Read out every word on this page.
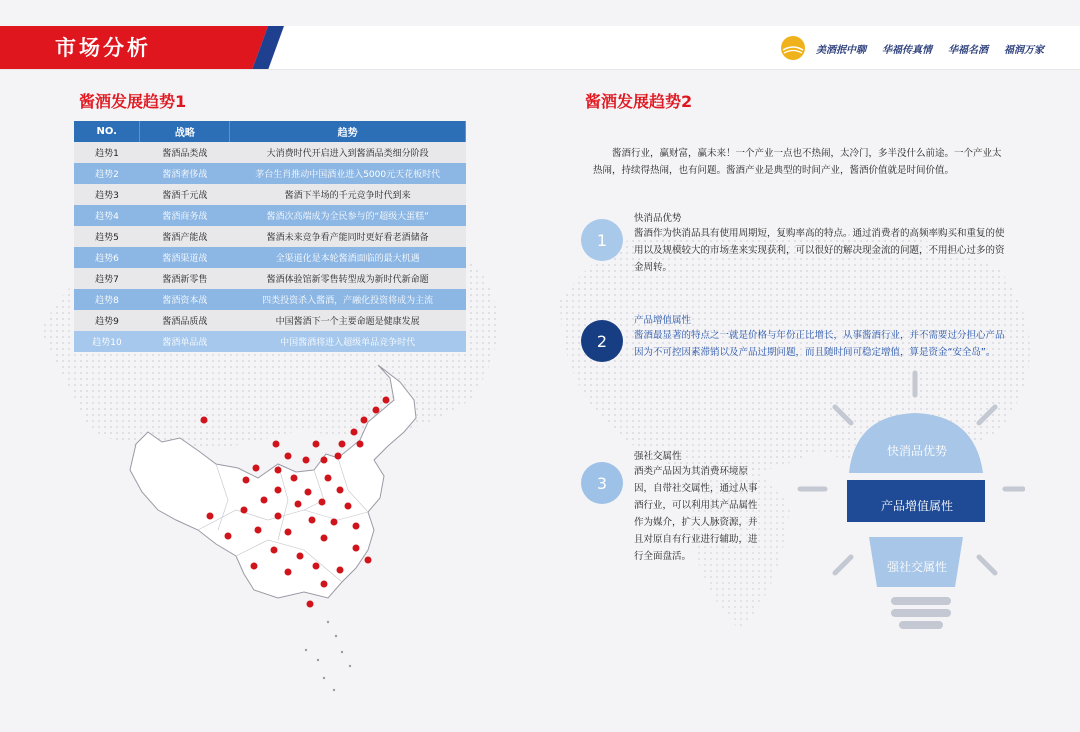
市场分析	美酒抿中聊 华福传真情 华福名酒 福润万家
酱酒发展趋势1
NO.	战略	趋势
趋势1	酱酒品类战	大消费时代开启进入到酱酒品类细分阶段
趋势2	酱酒奢侈战	茅台生肖推动中国酒业进入5000元天花板时代
趋势3	酱酒千元战	酱酒下半场的千元竞争时代到来
趋势4	酱酒商务战	酱酒次高端成为全民参与的“超级大蛋糕”
趋势5	酱酒产能战	酱酒未来竞争看产能同时更好看老酒储备
趋势6	酱酒渠道战	全渠道化是本轮酱酒面临的最大机遇
趋势7	酱酒新零售	酱酒体验馆新零售转型成为新时代新命题
趋势8	酱酒资本战	四类投资杀入酱酒，产融化投资将成为主流
趋势9	酱酒品质战	中国酱酒下一个主要命题是健康发展
趋势10	酱酒单品战	中国酱酒将进入超级单品竞争时代
酱酒发展趋势2
酱酒行业，赢财富，赢未来！一个产业一点也不热闹，太冷门，多半没什么前途。一个产业太热闹，持续得热闹，也有问题。酱酒产业是典型的时间产业，酱酒价值就是时间价值。
1
快消品优势
酱酒作为快消品具有使用周期短，复购率高的特点。通过消费者的高频率购买和重复的使用以及规模较大的市场垄来实现获利，可以很好的解决现金流的问题，不用担心过多的资金周转。
2
产品增值属性
酱酒最显著的特点之一就是价格与年份正比增长，从事酱酒行业，并不需要过分担心产品因为不可控因素滞销以及产品过期问题，而且随时间可稳定增值，算是资金“安全岛”。
3
强社交属性
酒类产品因为其消费环境原因，自带社交属性，通过从事酒行业，可以利用其产品属性作为媒介，扩大人脉资源，并且对原自有行业进行辅助，进行全面盘活。
快消品优势
产品增值属性
强社交属性
